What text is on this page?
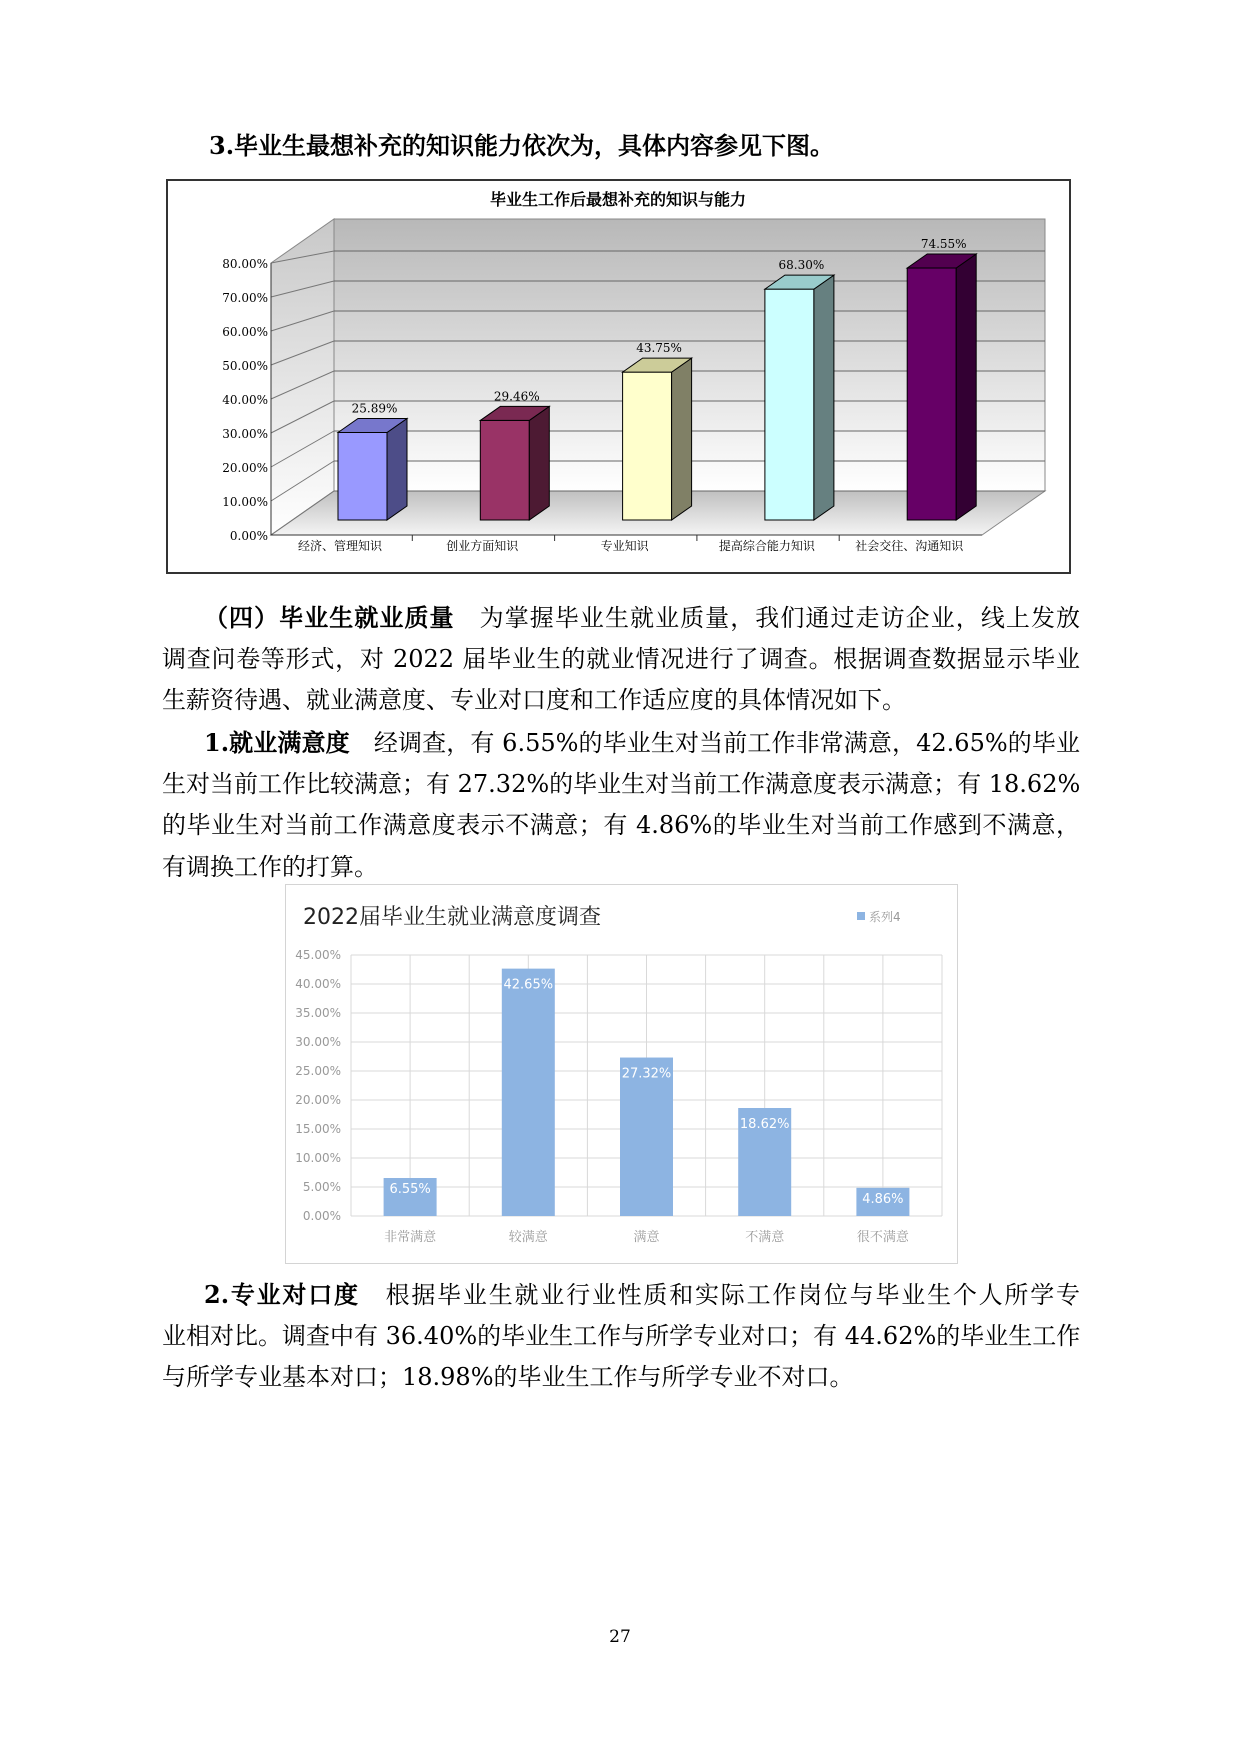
3.毕业生最想补充的知识能力依次为，具体内容参见下图。
毕业生工作后最想补充的知识与能力
0.00%
10.00%
20.00%
30.00%
40.00%
50.00%
60.00%
70.00%
80.00%
25.89%
经济、管理知识
29.46%
创业方面知识
43.75%
专业知识
68.30%
提高综合能力知识
74.55%
社会交往、沟通知识
（四）毕业生就业质量　为掌握毕业生就业质量，我们通过走访企业，线上发放
调查问卷等形式，对 2022 届毕业生的就业情况进行了调查。根据调查数据显示毕业
生薪资待遇、就业满意度、专业对口度和工作适应度的具体情况如下。
1.就业满意度　经调查，有 6.55%的毕业生对当前工作非常满意，42.65%的毕业
生对当前工作比较满意；有 27.32%的毕业生对当前工作满意度表示满意；有 18.62%
的毕业生对当前工作满意度表示不满意；有 4.86%的毕业生对当前工作感到不满意，
有调换工作的打算。
2.专业对口度　根据毕业生就业行业性质和实际工作岗位与毕业生个人所学专
业相对比。调查中有 36.40%的毕业生工作与所学专业对口；有 44.62%的毕业生工作
与所学专业基本对口；18.98%的毕业生工作与所学专业不对口。
2022届毕业生就业满意度调查	系列4
0.00%
5.00%
10.00%
15.00%
20.00%
25.00%
30.00%
35.00%
40.00%
45.00%
6.55%
非常满意
42.65%
较满意
27.32%
满意
18.62%
不满意
4.86%
很不满意
27
